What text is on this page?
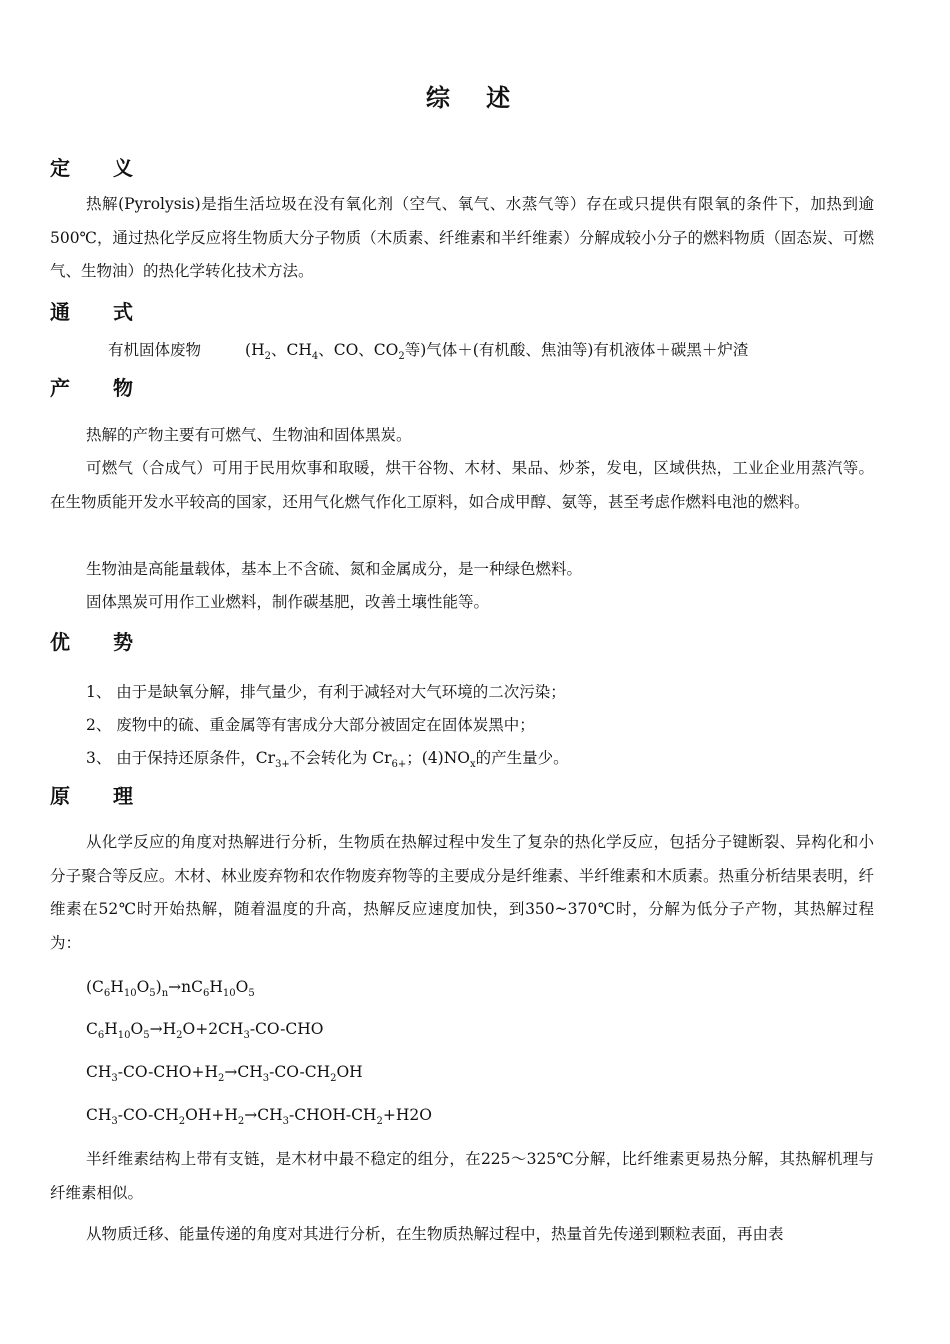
综 述
定 义
热解(Pyrolysis)是指生活垃圾在没有氧化剂（空气、氧气、水蒸气等）存在或只提供有限氧的条件下，加热到逾 500℃，通过热化学反应将生物质大分子物质（木质素、纤维素和半纤维素）分解成较小分子的燃料物质（固态炭、可燃气、生物油）的热化学转化技术方法。
通 式
有机固体废物	($H_2$、$CH_4$、CO、$CO_2$等)气体＋(有机酸、焦油等)有机液体＋碳黑＋炉渣
产 物
热解的产物主要有可燃气、生物油和固体黑炭。
可燃气（合成气）可用于民用炊事和取暖，烘干谷物、木材、果品、炒茶，发电，区域供热，工业企业用蒸汽等。在生物质能开发水平较高的国家，还用气化燃气作化工原料，如合成甲醇、氨等，甚至考虑作燃料电池的燃料。
生物油是高能量载体，基本上不含硫、氮和金属成分，是一种绿色燃料。
固体黑炭可用作工业燃料，制作碳基肥，改善土壤性能等。
优 势
1、 由于是缺氧分解，排气量少，有利于减轻对大气环境的二次污染；
2、 废物中的硫、重金属等有害成分大部分被固定在固体炭黑中；
3、 由于保持还原条件，$Cr_{3+}$不会转化为 $Cr_{6+}$；$(4)NO_x$的产生量少。
原 理
从化学反应的角度对热解进行分析，生物质在热解过程中发生了复杂的热化学反应，包括分子键断裂、异构化和小分子聚合等反应。木材、林业废弃物和农作物废弃物等的主要成分是纤维素、半纤维素和木质素。热重分析结果表明，纤维素在52℃时开始热解，随着温度的升高，热解反应速度加快，到350~370℃时，分解为低分子产物，其热解过程为：
$(C_6H_{10}O_5)_n\to nC_6H_{10}O_5$
$C_6H_{10}O_5\to H_2O+2CH_3-CO$-CHO
$CH_3-CO-CHO+H_2\to CH_3-CO-CH_2OH$
$CH_3-CO-CH_2OH+H_2\to CH_3-CHOH-CH_2+H2O$
半纤维素结构上带有支链，是木材中最不稳定的组分，在225～325℃分解，比纤维素更易热分解，其热解机理与纤维素相似。
从物质迁移、能量传递的角度对其进行分析，在生物质热解过程中，热量首先传递到颗粒表面，再由表
